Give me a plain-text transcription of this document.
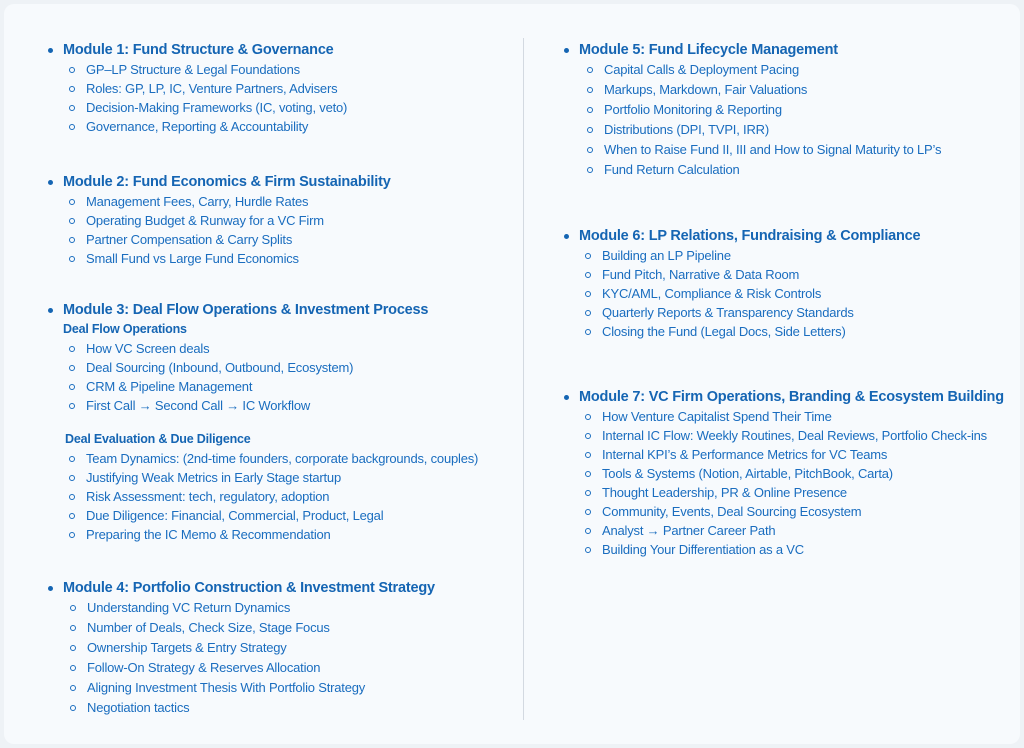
Module 1: Fund Structure & Governance
GP–LP Structure & Legal Foundations
Roles: GP, LP, IC, Venture Partners, Advisers
Decision-Making Frameworks (IC, voting, veto)
Governance, Reporting & Accountability
Module 2: Fund Economics & Firm Sustainability
Management Fees, Carry, Hurdle Rates
Operating Budget & Runway for a VC Firm
Partner Compensation & Carry Splits
Small Fund vs Large Fund Economics
Module 3: Deal Flow Operations & Investment Process
Deal Flow Operations
How VC Screen deals
Deal Sourcing (Inbound, Outbound, Ecosystem)
CRM & Pipeline Management
First Call → Second Call → IC Workflow
Deal Evaluation & Due Diligence
Team Dynamics: (2nd-time founders, corporate backgrounds, couples)
Justifying Weak Metrics in Early Stage startup
Risk Assessment: tech, regulatory, adoption
Due Diligence: Financial, Commercial, Product, Legal
Preparing the IC Memo & Recommendation
Module 4: Portfolio Construction & Investment Strategy
Understanding VC Return Dynamics
Number of Deals, Check Size, Stage Focus
Ownership Targets & Entry Strategy
Follow-On Strategy & Reserves Allocation
Aligning Investment Thesis With Portfolio Strategy
Negotiation tactics
Module 5: Fund Lifecycle Management
Capital Calls & Deployment Pacing
Markups, Markdown, Fair Valuations
Portfolio Monitoring & Reporting
Distributions (DPI, TVPI, IRR)
When to Raise Fund II, III and How to Signal Maturity to LP’s
Fund Return Calculation
Module 6: LP Relations, Fundraising & Compliance
Building an LP Pipeline
Fund Pitch, Narrative & Data Room
KYC/AML, Compliance & Risk Controls
Quarterly Reports & Transparency Standards
Closing the Fund (Legal Docs, Side Letters)
Module 7: VC Firm Operations, Branding & Ecosystem Building
How Venture Capitalist Spend Their Time
Internal IC Flow: Weekly Routines, Deal Reviews, Portfolio Check-ins
Internal KPI’s & Performance Metrics for VC Teams
Tools & Systems (Notion, Airtable, PitchBook, Carta)
Thought Leadership, PR & Online Presence
Community, Events, Deal Sourcing Ecosystem
Analyst → Partner Career Path
Building Your Differentiation as a VC
